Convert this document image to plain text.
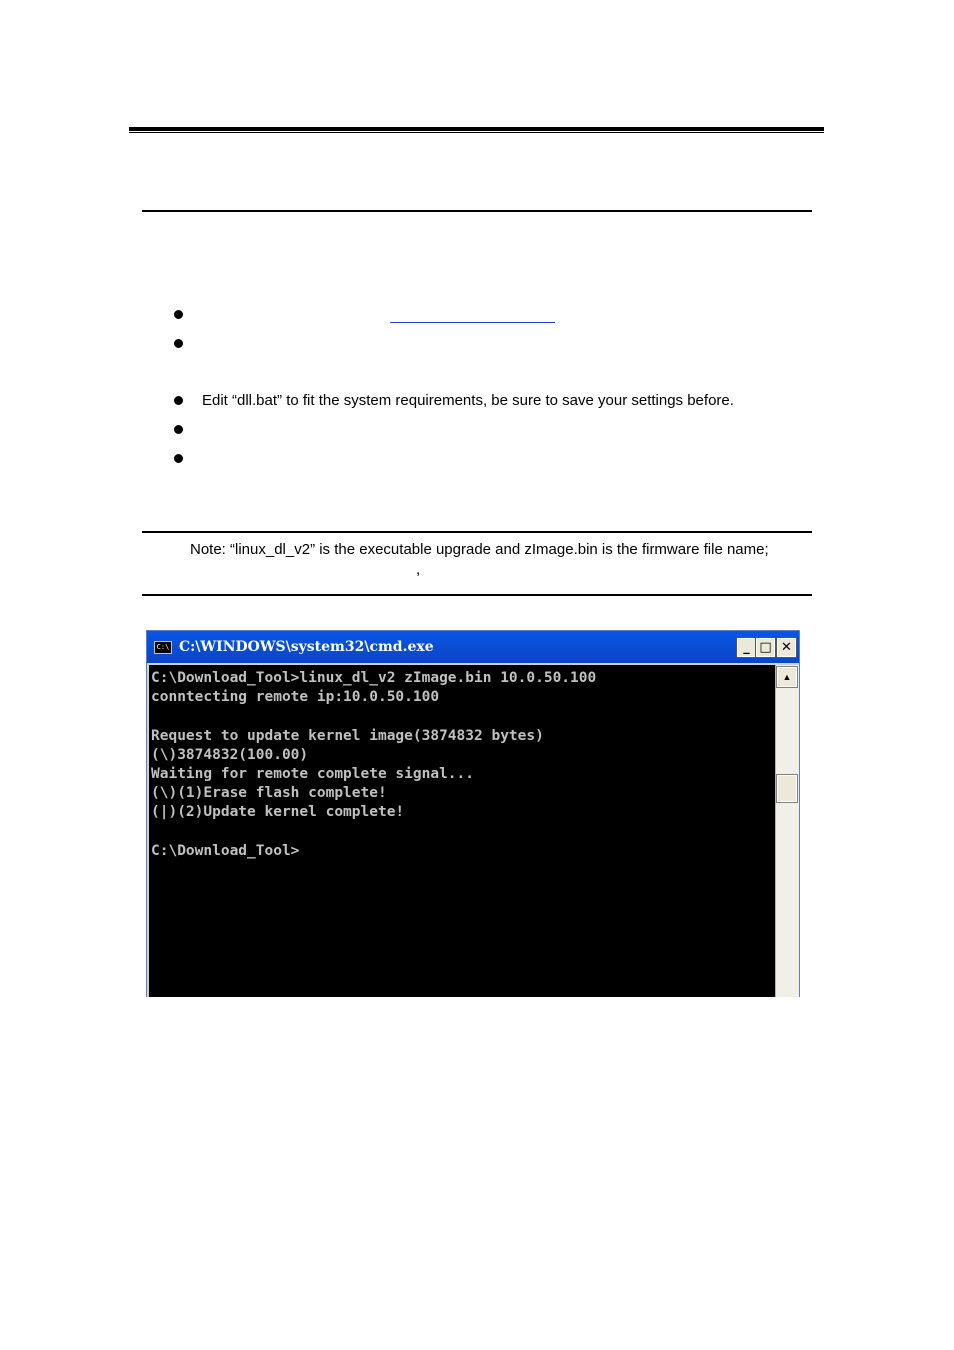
Edit “dll.bat” to fit the system requirements, be sure to save your settings before.
Note: “linux_dl_v2” is the executable upgrade and zImage.bin is the firmware file name;
,
C:\ C:\WINDOWS\system32\cmd.exe	_ □ ✕
C:\Download_Tool>linux_dl_v2 zImage.bin 10.0.50.100
conntecting remote ip:10.0.50.100
Request to update kernel image(3874832 bytes)
(\)3874832(100.00)
Waiting for remote complete signal...
(\)(1)Erase flash complete!
(|)(2)Update kernel complete!
C:\Download_Tool>
▲
